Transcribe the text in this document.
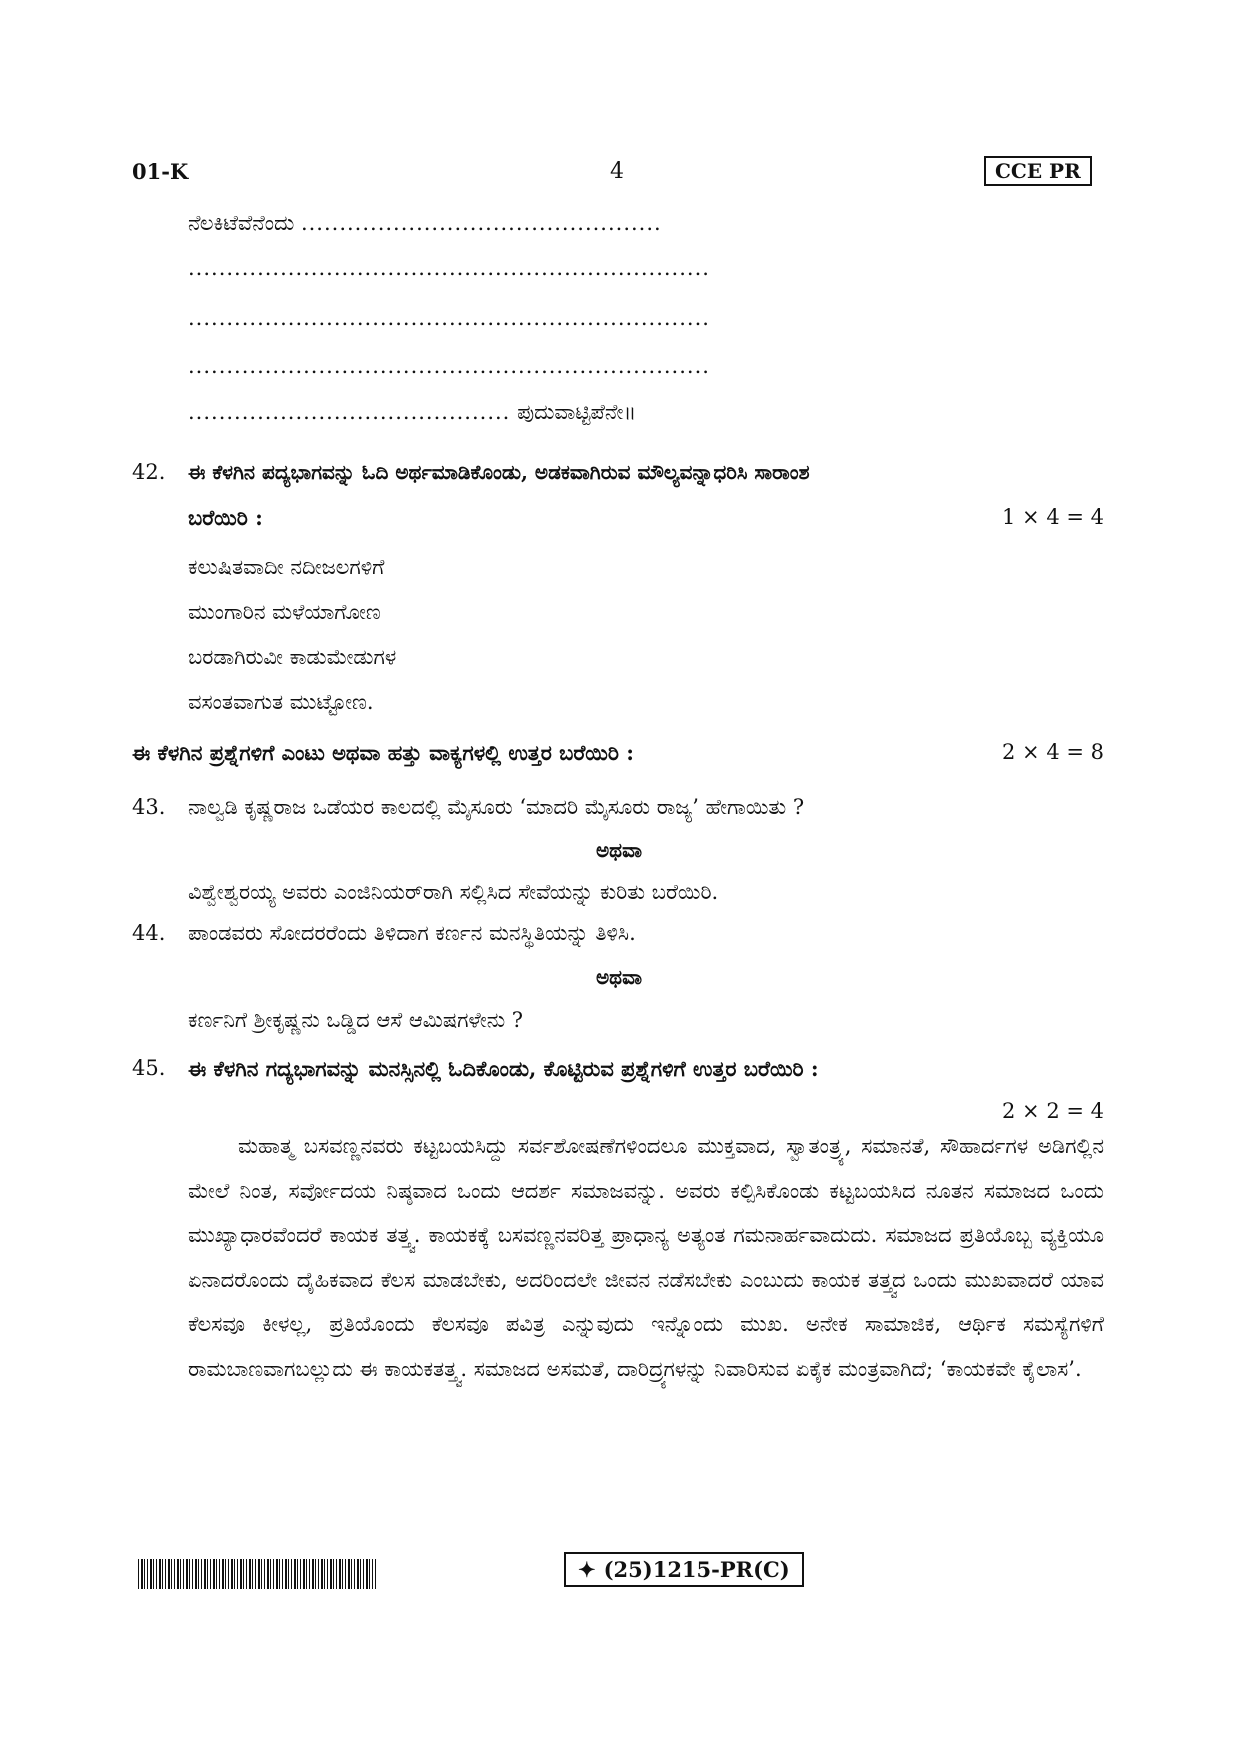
01-K	4	CCE PR
ನೆಲಕಿಟೆವೆನೆಂದು ...............................................
....................................................................
....................................................................
....................................................................
.......................................... ಪುದುವಾಟ್ಟಿಪೆನೇ॥
42. ಈ ಕೆಳಗಿನ ಪದ್ಯಭಾಗವನ್ನು ಓದಿ ಅರ್ಥಮಾಡಿಕೊಂಡು, ಅಡಕವಾಗಿರುವ ಮೌಲ್ಯವನ್ನಾಧರಿಸಿ ಸಾರಾಂಶ
ಬರೆಯಿರಿ :	1 × 4 = 4
ಕಲುಷಿತವಾದೀ ನದೀಜಲಗಳಿಗೆ
ಮುಂಗಾರಿನ ಮಳೆಯಾಗೋಣ
ಬರಡಾಗಿರುವೀ ಕಾಡುಮೇಡುಗಳ
ವಸಂತವಾಗುತ ಮುಟ್ಟೋಣ.
ಈ ಕೆಳಗಿನ ಪ್ರಶ್ನೆಗಳಿಗೆ ಎಂಟು ಅಥವಾ ಹತ್ತು ವಾಕ್ಯಗಳಲ್ಲಿ ಉತ್ತರ ಬರೆಯಿರಿ :	2 × 4 = 8
43. ನಾಲ್ವಡಿ ಕೃಷ್ಣರಾಜ ಒಡೆಯರ ಕಾಲದಲ್ಲಿ ಮೈಸೂರು ‘ಮಾದರಿ ಮೈಸೂರು ರಾಜ್ಯ’ ಹೇಗಾಯಿತು ?
ಅಥವಾ
ವಿಶ್ವೇಶ್ವರಯ್ಯ ಅವರು ಎಂಜಿನಿಯರ್‌ರಾಗಿ ಸಲ್ಲಿಸಿದ ಸೇವೆಯನ್ನು ಕುರಿತು ಬರೆಯಿರಿ.
44. ಪಾಂಡವರು ಸೋದರರೆಂದು ತಿಳಿದಾಗ ಕರ್ಣನ ಮನಸ್ಥಿತಿಯನ್ನು ತಿಳಿಸಿ.
ಅಥವಾ
ಕರ್ಣನಿಗೆ ಶ್ರೀಕೃಷ್ಣನು ಒಡ್ಡಿದ ಆಸೆ ಆಮಿಷಗಳೇನು ?
45. ಈ ಕೆಳಗಿನ ಗದ್ಯಭಾಗವನ್ನು ಮನಸ್ಸಿನಲ್ಲಿ ಓದಿಕೊಂಡು, ಕೊಟ್ಟಿರುವ ಪ್ರಶ್ನೆಗಳಿಗೆ ಉತ್ತರ ಬರೆಯಿರಿ :
2 × 2 = 4

ಮಹಾತ್ಮ ಬಸವಣ್ಣನವರು ಕಟ್ಟಬಯಸಿದ್ದು ಸರ್ವಶೋಷಣೆಗಳಿಂದಲೂ ಮುಕ್ತವಾದ, ಸ್ವಾತಂತ್ರ್ಯ, ಸಮಾನತೆ, ಸೌಹಾರ್ದಗಳ ಅಡಿಗಲ್ಲಿನ ಮೇಲೆ ನಿಂತ, ಸರ್ವೋದಯ ನಿಷ್ಠವಾದ ಒಂದು ಆದರ್ಶ ಸಮಾಜವನ್ನು. ಅವರು ಕಲ್ಪಿಸಿಕೊಂಡು ಕಟ್ಟಬಯಸಿದ ನೂತನ ಸಮಾಜದ ಒಂದು ಮುಖ್ಯಾಧಾರವೆಂದರೆ ಕಾಯಕ ತತ್ತ್ವ. ಕಾಯಕಕ್ಕೆ ಬಸವಣ್ಣನವರಿತ್ತ ಪ್ರಾಧಾನ್ಯ ಅತ್ಯಂತ ಗಮನಾರ್ಹವಾದುದು. ಸಮಾಜದ ಪ್ರತಿಯೊಬ್ಬ ವ್ಯಕ್ತಿಯೂ ಏನಾದರೊಂದು ದೈಹಿಕವಾದ ಕೆಲಸ ಮಾಡಬೇಕು, ಅದರಿಂದಲೇ ಜೀವನ ನಡೆಸಬೇಕು ಎಂಬುದು ಕಾಯಕ ತತ್ತ್ವದ ಒಂದು ಮುಖವಾದರೆ ಯಾವ ಕೆಲಸವೂ ಕೀಳಲ್ಲ, ಪ್ರತಿಯೊಂದು ಕೆಲಸವೂ ಪವಿತ್ರ ಎನ್ನುವುದು ಇನ್ನೊಂದು ಮುಖ. ಅನೇಕ ಸಾಮಾಜಿಕ, ಆರ್ಥಿಕ ಸಮಸ್ಯೆಗಳಿಗೆ ರಾಮಬಾಣವಾಗಬಲ್ಲುದು ಈ ಕಾಯಕತತ್ತ್ವ. ಸಮಾಜದ ಅಸಮತೆ, ದಾರಿದ್ರ್ಯಗಳನ್ನು ನಿವಾರಿಸುವ ಏಕೈಕ ಮಂತ್ರವಾಗಿದೆ; ‘ಕಾಯಕವೇ ಕೈಲಾಸ’.

✦ (25)1215-PR(C)
